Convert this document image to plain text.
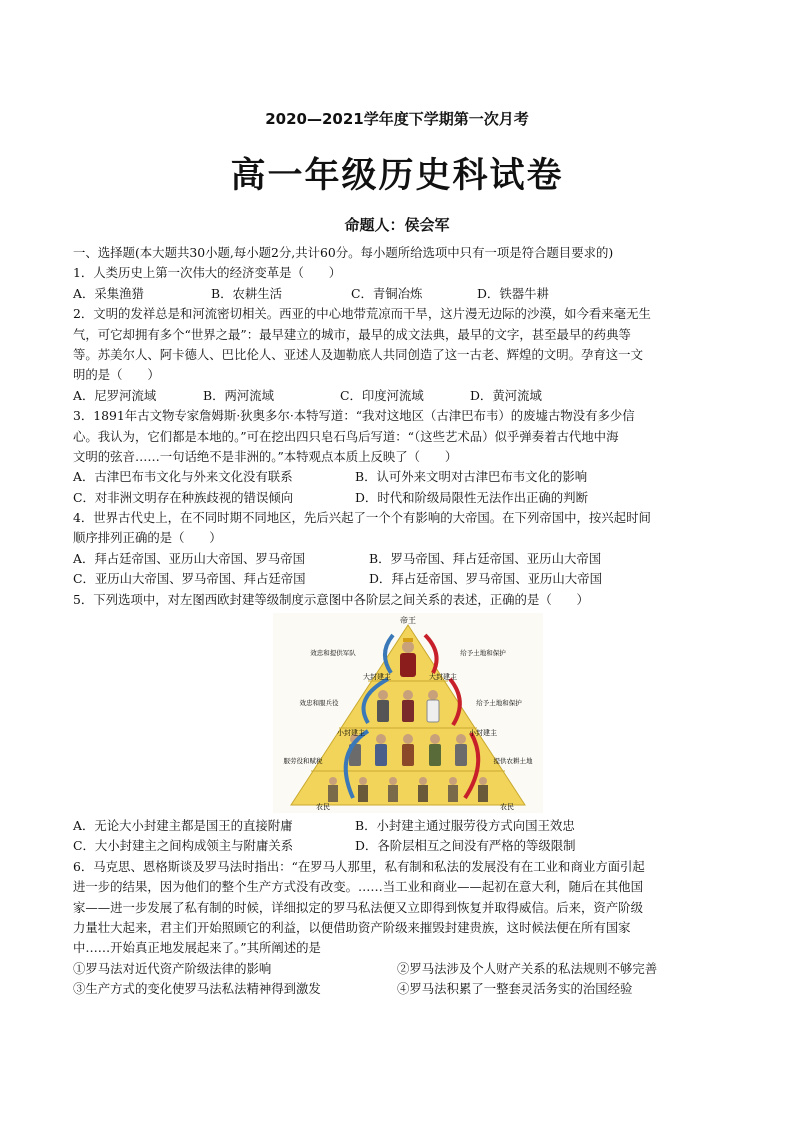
2020—2021学年度下学期第一次月考
高一年级历史科试卷
命题人：侯会军
一、选择题(本大题共30小题,每小题2分,共计60分。每小题所给选项中只有一项是符合题目要求的)
1．人类历史上第一次伟大的经济变革是（　　）
A．采集渔猎	B．农耕生活	C．青铜冶炼	D．铁器牛耕
2．文明的发祥总是和河流密切相关。西亚的中心地带荒凉而干旱，这片漫无边际的沙漠，如今看来毫无生
气，可它却拥有多个“世界之最”：最早建立的城市，最早的成文法典，最早的文字，甚至最早的药典等
等。苏美尔人、阿卡德人、巴比伦人、亚述人及迦勒底人共同创造了这一古老、辉煌的文明。孕育这一文
明的是（　　）
A．尼罗河流域	B．两河流域	C．印度河流域	D．黄河流域
3．1891年古文物专家詹姆斯·狄奥多尔·本特写道：“我对这地区（古津巴布韦）的废墟古物没有多少信
心。我认为，它们都是本地的。”可在挖出四只皂石鸟后写道：“（这些艺术品）似乎弹奏着古代地中海
文明的弦音……一句话绝不是非洲的。”本特观点本质上反映了（　　）
A．古津巴布韦文化与外来文化没有联系	B．认可外来文明对古津巴布韦文化的影响
C．对非洲文明存在种族歧视的错误倾向	D．时代和阶级局限性无法作出正确的判断
4．世界古代史上，在不同时期不同地区，先后兴起了一个个有影响的大帝国。在下列帝国中，按兴起时间
顺序排列正确的是（　　）
A．拜占廷帝国、亚历山大帝国、罗马帝国	B．罗马帝国、拜占廷帝国、亚历山大帝国
C．亚历山大帝国、罗马帝国、拜占廷帝国	D．拜占廷帝国、罗马帝国、亚历山大帝国
5．下列选项中，对左图西欧封建等级制度示意图中各阶层之间关系的表述，正确的是（　　）
帝王
大封建主	大封建主
小封建主	小封建主
农民	农民
效忠和提供军队
效忠和服兵役
服劳役和赋税
给予土地和保护
给予土地和保护
提供农耕土地
A．无论大小封建主都是国王的直接附庸	B．小封建主通过服劳役方式向国王效忠
C．大小封建主之间构成领主与附庸关系	D．各阶层相互之间没有严格的等级限制
6．马克思、恩格斯谈及罗马法时指出：“在罗马人那里，私有制和私法的发展没有在工业和商业方面引起
进一步的结果，因为他们的整个生产方式没有改变。……当工业和商业——起初在意大利，随后在其他国
家——进一步发展了私有制的时候，详细拟定的罗马私法便又立即得到恢复并取得威信。后来，资产阶级
力量壮大起来，君主们开始照顾它的利益，以便借助资产阶级来摧毁封建贵族，这时候法便在所有国家
中……开始真正地发展起来了。”其所阐述的是
①罗马法对近代资产阶级法律的影响	②罗马法涉及个人财产关系的私法规则不够完善
③生产方式的变化使罗马法私法精神得到激发	④罗马法积累了一整套灵活务实的治国经验
